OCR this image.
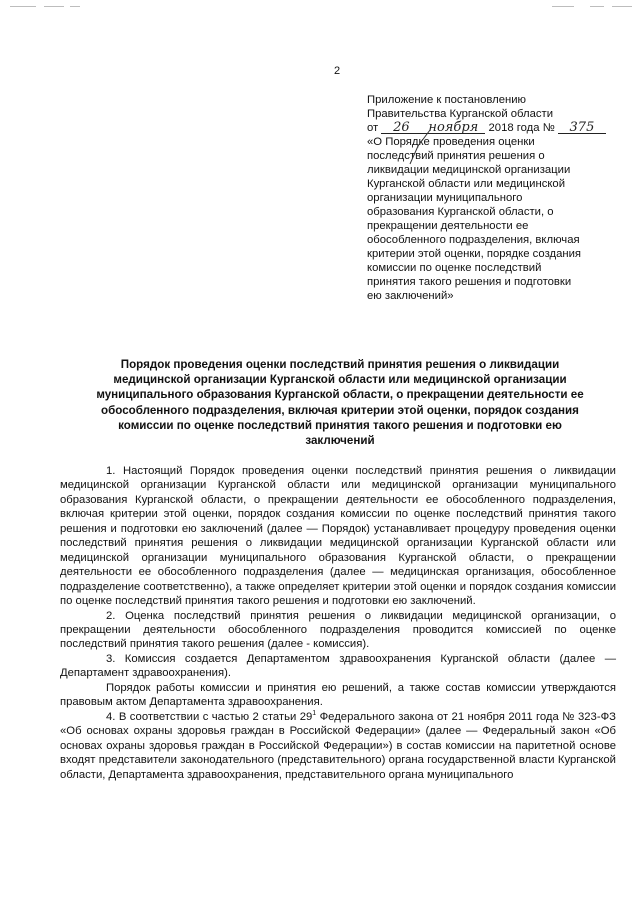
2
Приложение к постановлению
Правительства Курганской области
от 26 ноября 2018 года № 375
«О Порядке проведения оценки
последствий принятия решения о
ликвидации медицинской организации
Курганской области или медицинской
организации муниципального
образования Курганской области, о
прекращении деятельности ее
обособленного подразделения, включая
критерии этой оценки, порядке создания
комиссии по оценке последствий
принятия такого решения и подготовки
ею заключений»
Порядок проведения оценки последствий принятия решения о ликвидации
медицинской организации Курганской области или медицинской организации
муниципального образования Курганской области, о прекращении деятельности ее
обособленного подразделения, включая критерии этой оценки, порядок создания
комиссии по оценке последствий принятия такого решения и подготовки ею
заключений

1. Настоящий Порядок проведения оценки последствий принятия решения о ликвидации медицинской организации Курганской области или медицинской организации муниципального образования Курганской области, о прекращении деятельности ее обособленного подразделения, включая критерии этой оценки, порядок создания комиссии по оценке последствий принятия такого решения и подготовки ею заключений (далее — Порядок) устанавливает процедуру проведения оценки последствий принятия решения о ликвидации медицинской организации Курганской области или медицинской организации муниципального образования Курганской области, о прекращении деятельности ее обособленного подразделения (далее — медицинская организация, обособленное подразделение соответственно), а также определяет критерии этой оценки и порядок создания комиссии по оценке последствий принятия такого решения и подготовки ею заключений.

2. Оценка последствий принятия решения о ликвидации медицинской организации, о прекращении деятельности обособленного подразделения проводится комиссией по оценке последствий принятия такого решения (далее - комиссия).

3. Комиссия создается Департаментом здравоохранения Курганской области (далее — Департамент здравоохранения).

Порядок работы комиссии и принятия ею решений, а также состав комиссии утверждаются правовым актом Департамента здравоохранения.

4. В соответствии с частью 2 статьи $29^1$ Федерального закона от 21 ноября 2011 года № 323-ФЗ «Об основах охраны здоровья граждан в Российской Федерации» (далее — Федеральный закон «Об основах охраны здоровья граждан в Российской Федерации») в состав комиссии на паритетной основе входят представители законодательного (представительного) органа государственной власти Курганской области, Департамента здравоохранения, представительного органа муниципального
